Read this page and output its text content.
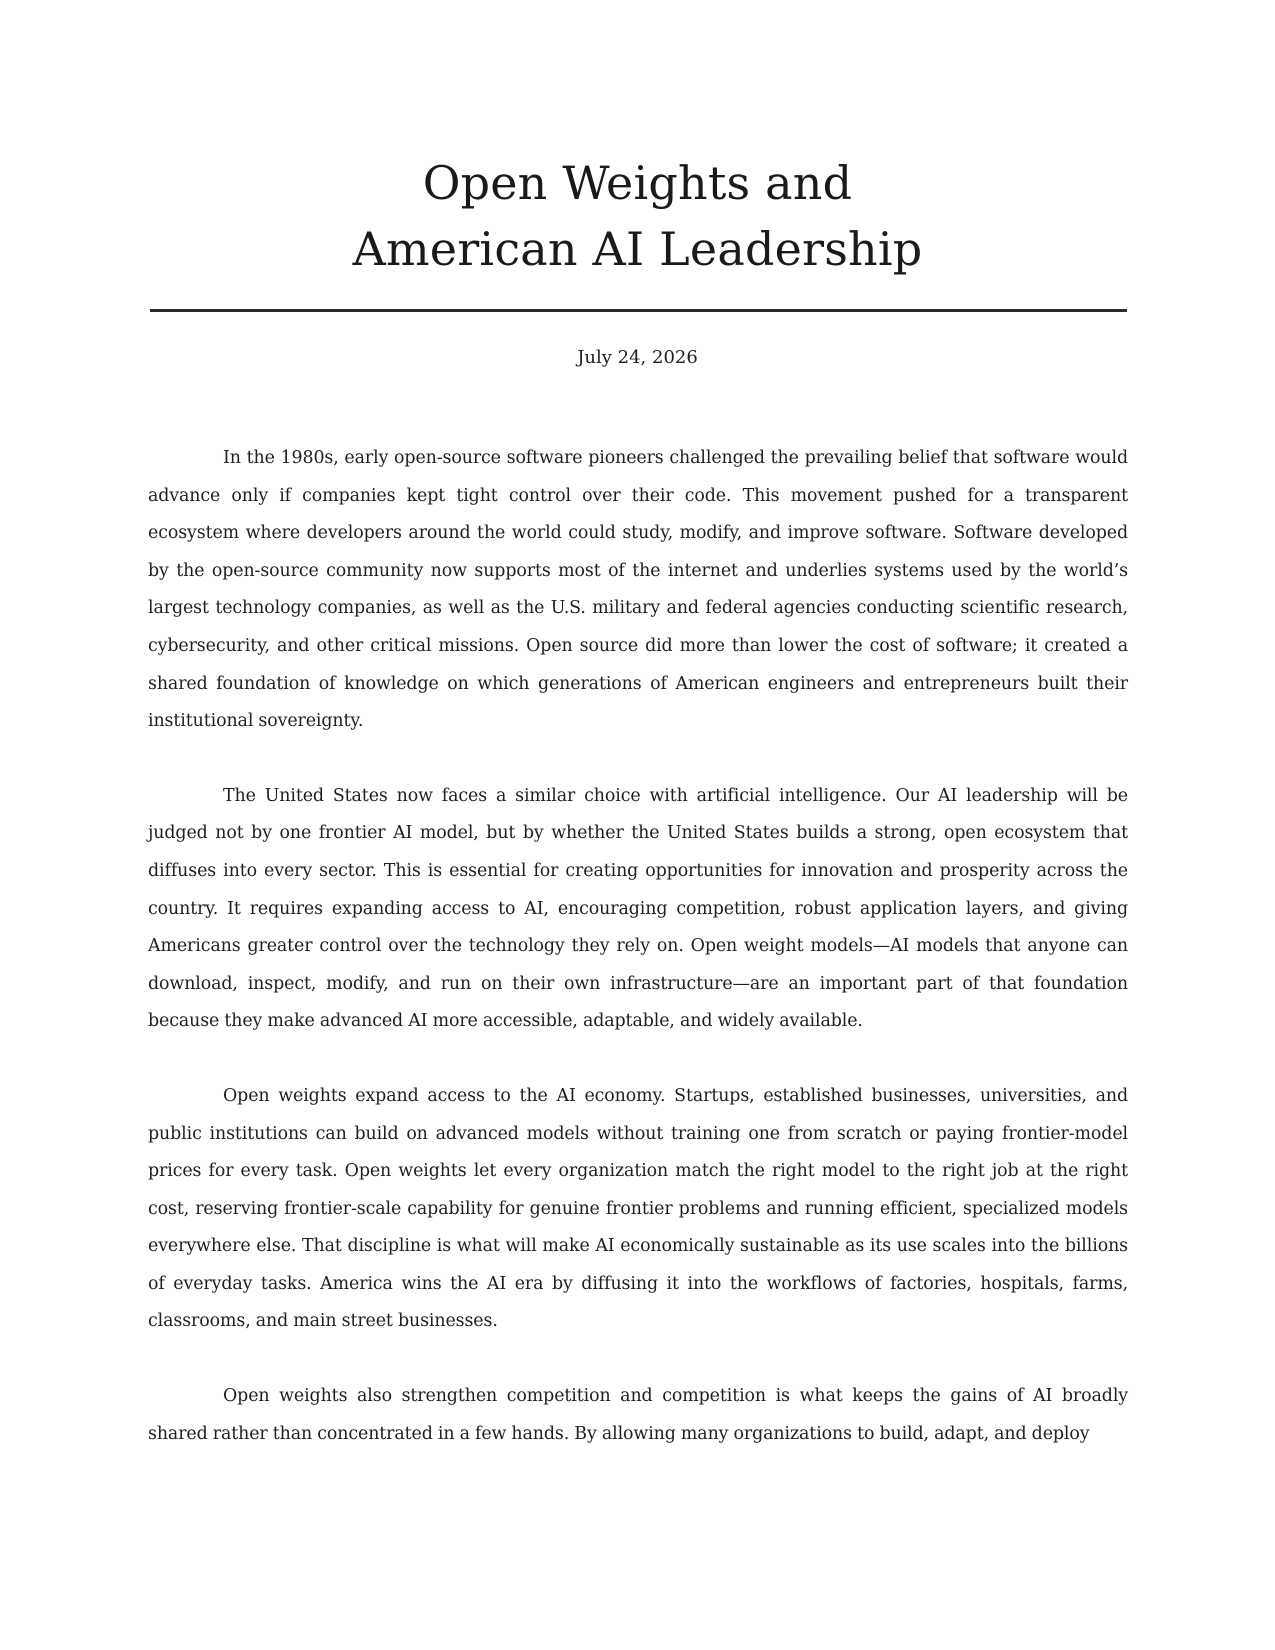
Open Weights and
American AI Leadership
July 24, 2026

In the 1980s, early open-source software pioneers challenged the prevailing belief that software would advance only if companies kept tight control over their code. This movement pushed for a transparent ecosystem where developers around the world could study, modify, and improve software. Software developed by the open-source community now supports most of the internet and underlies systems used by the world’s largest technology companies, as well as the U.S. military and federal agencies conducting scientific research, cybersecurity, and other critical missions. Open source did more than lower the cost of software; it created a shared foundation of knowledge on which generations of American engineers and entrepreneurs built their institutional sovereignty.

The United States now faces a similar choice with artificial intelligence. Our AI leadership will be judged not by one frontier AI model, but by whether the United States builds a strong, open ecosystem that diffuses into every sector. This is essential for creating opportunities for innovation and prosperity across the country. It requires expanding access to AI, encouraging competition, robust application layers, and giving Americans greater control over the technology they rely on. Open weight models—AI models that anyone can download, inspect, modify, and run on their own infrastructure—are an important part of that foundation because they make advanced AI more accessible, adaptable, and widely available.

Open weights expand access to the AI economy. Startups, established businesses, universities, and public institutions can build on advanced models without training one from scratch or paying frontier-model prices for every task. Open weights let every organization match the right model to the right job at the right cost, reserving frontier-scale capability for genuine frontier problems and running efficient, specialized models everywhere else. That discipline is what will make AI economically sustainable as its use scales into the billions of everyday tasks. America wins the AI era by diffusing it into the workflows of factories, hospitals, farms, classrooms, and main street businesses.

Open weights also strengthen competition and competition is what keeps the gains of AI broadly shared rather than concentrated in a few hands. By allowing many organizations to build, adapt, and deploy
